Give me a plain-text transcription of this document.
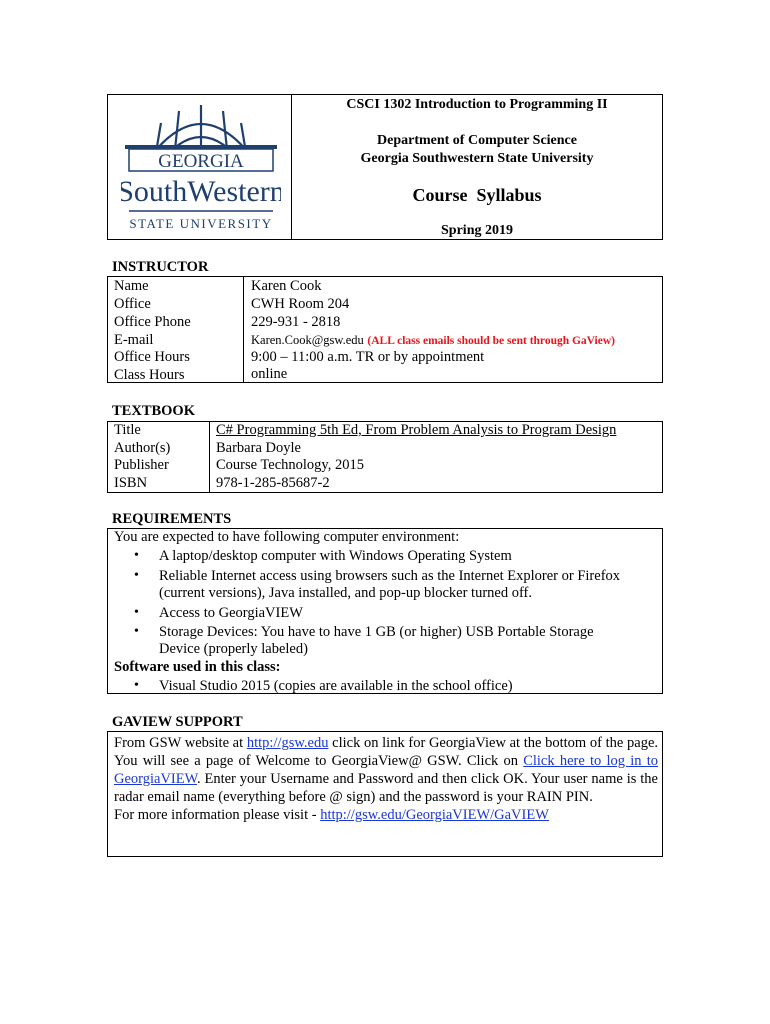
GEORGIA
SouthWestern
STATE UNIVERSITY
CSCI 1302 Introduction to Programming II
Department of Computer Science
Georgia Southwestern State University
Course  Syllabus
Spring 2019
INSTRUCTOR
Name
Office
Office Phone
E-mail
Office Hours
Class Hours
Karen Cook
CWH Room 204
229-931 - 2818
Karen.Cook@gsw.edu (ALL class emails should be sent through GaView)
9:00 – 11:00 a.m. TR or by appointment
online
TEXTBOOK
Title
Author(s)
Publisher
ISBN
C# Programming 5th Ed, From Problem Analysis to Program Design
Barbara Doyle
Course Technology, 2015
978-1-285-85687-2
REQUIREMENTS
You are expected to have following computer environment:
• A laptop/desktop computer with Windows Operating System
• Reliable Internet access using browsers such as the Internet Explorer or Firefox
(current versions), Java installed, and pop-up blocker turned off.
• Access to GeorgiaVIEW
• Storage Devices: You have to have 1 GB (or higher) USB Portable Storage
Device (properly labeled)
Software used in this class:
• Visual Studio 2015 (copies are available in the school office)
GAVIEW SUPPORT
From GSW website at http://gsw.edu click on link for GeorgiaView at the bottom of the page. You will see a page of Welcome to GeorgiaView@ GSW. Click on Click here to log in to GeorgiaVIEW. Enter your Username and Password and then click OK. Your user name is the radar email name (everything before @ sign) and the password is your RAIN PIN.
For more information please visit - http://gsw.edu/GeorgiaVIEW/GaVIEW
